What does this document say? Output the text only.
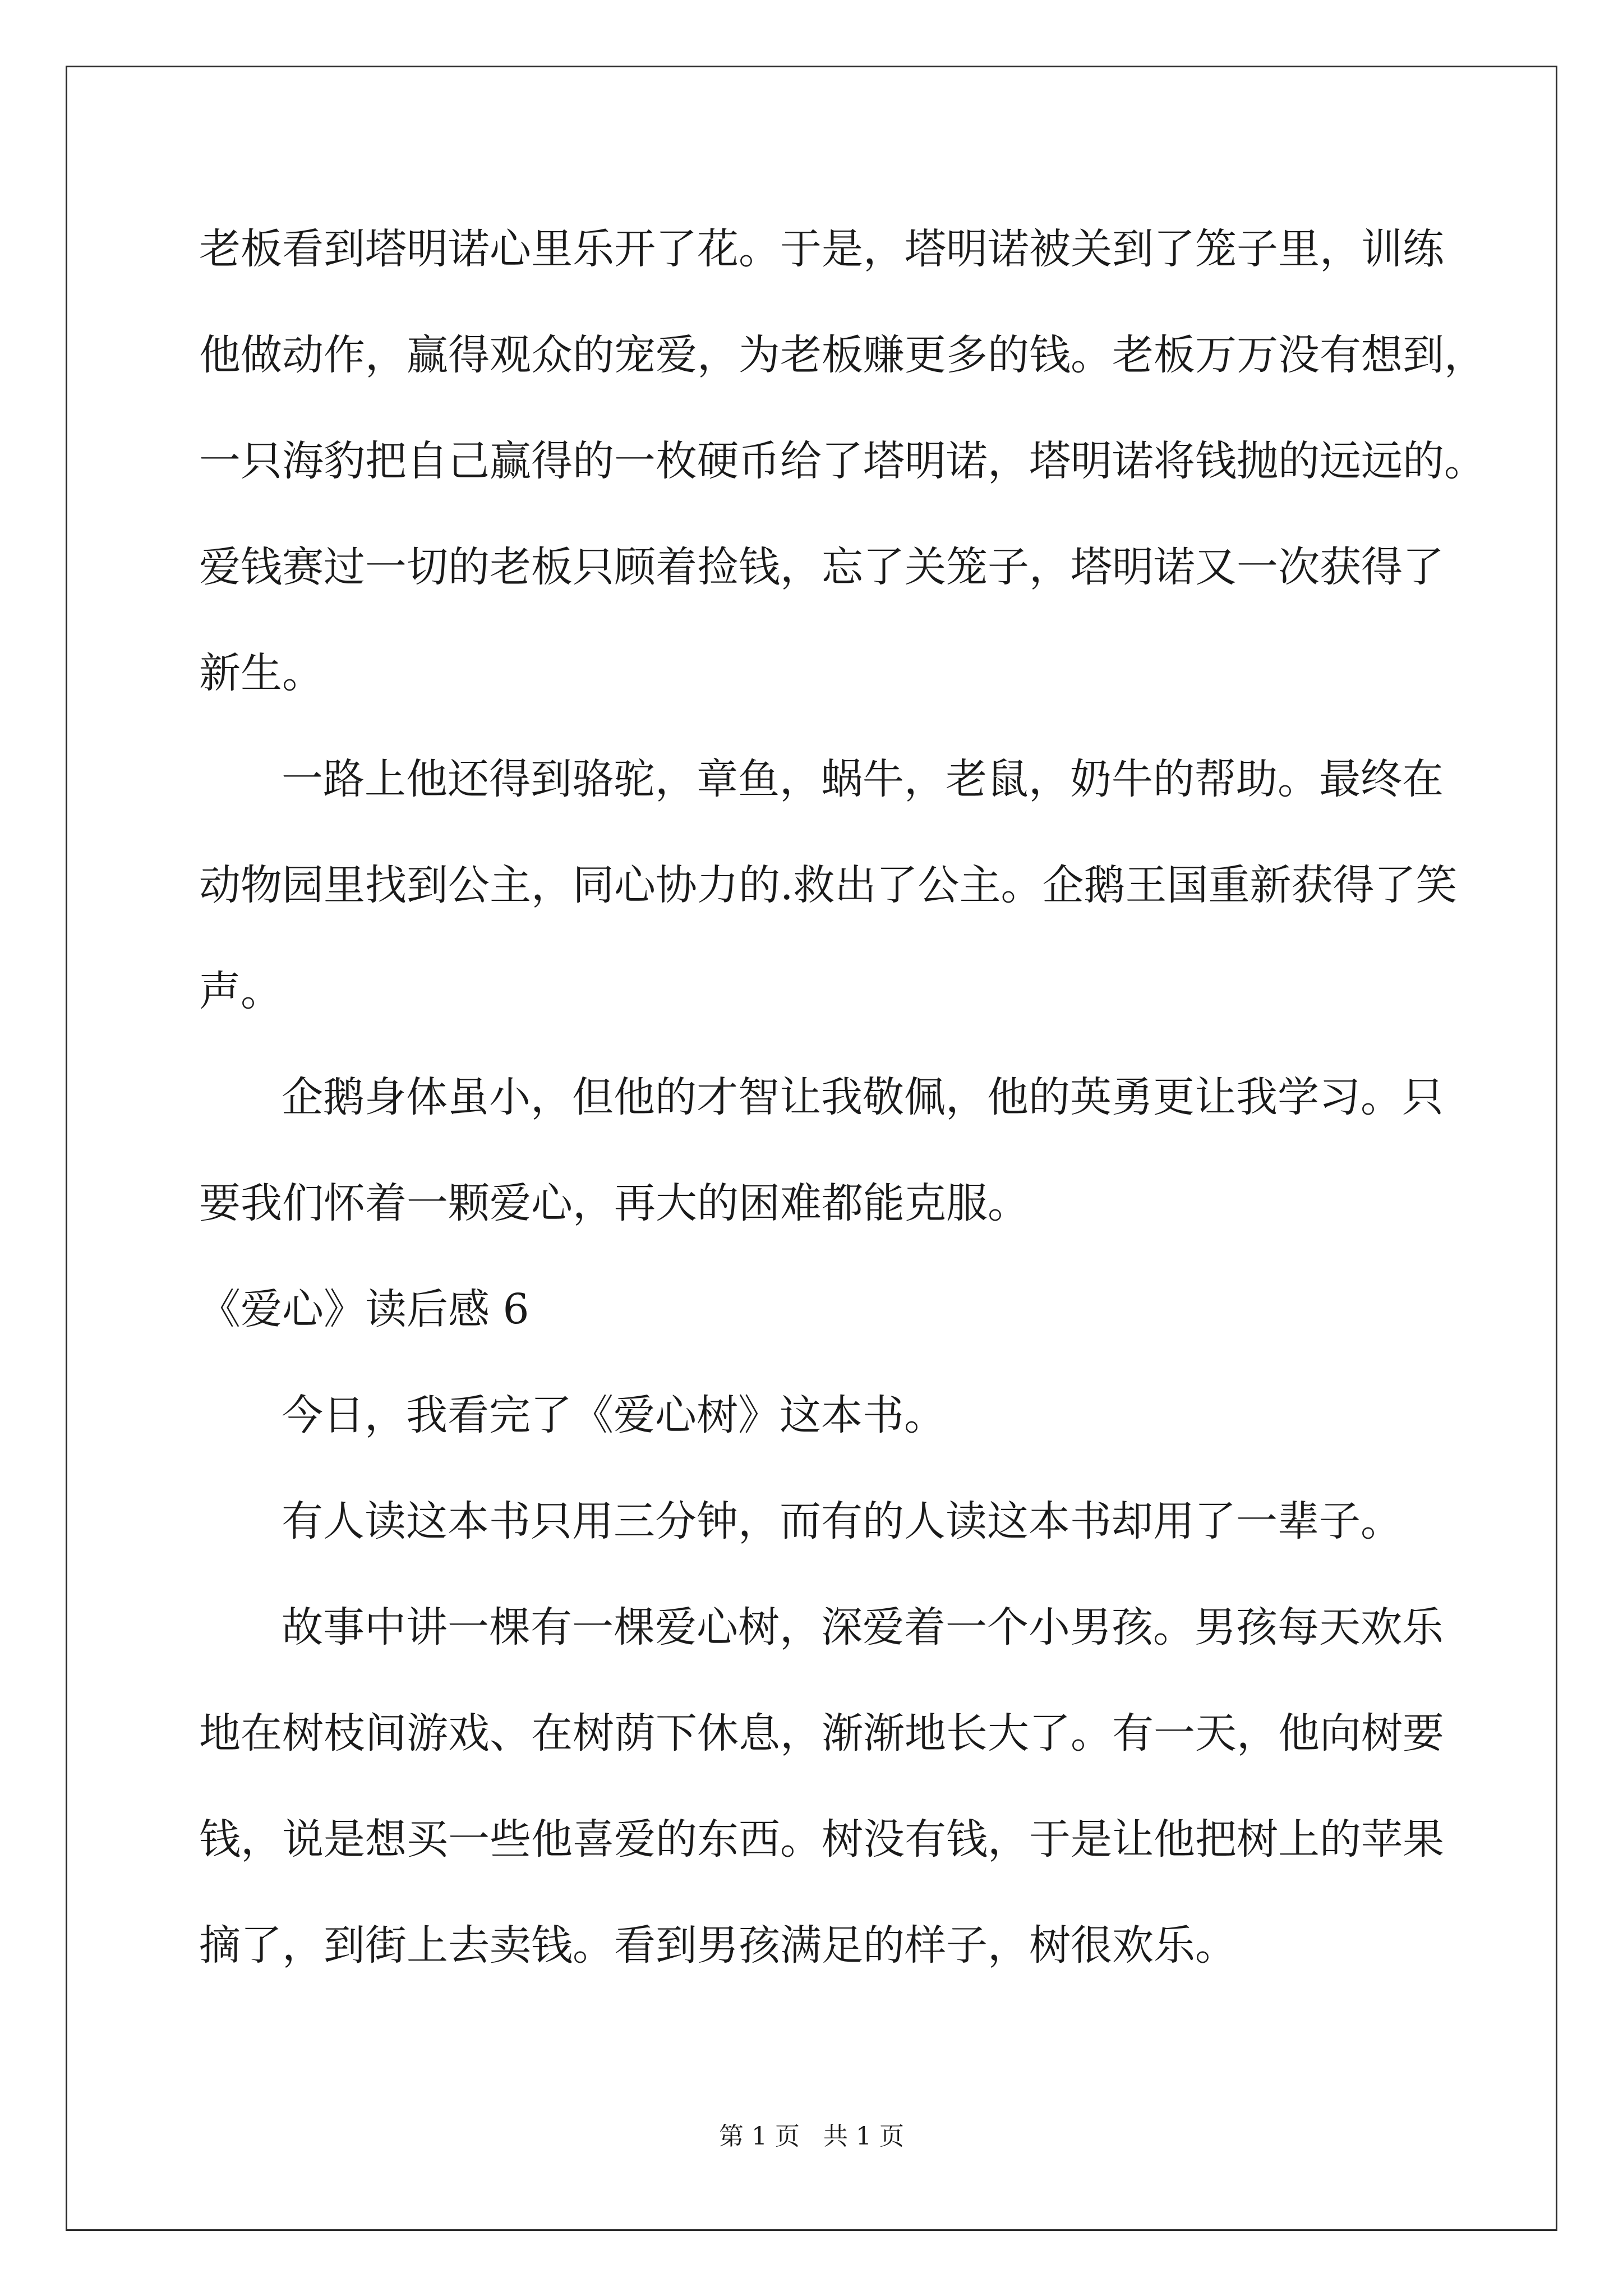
老板看到塔明诺心里乐开了花。于是，塔明诺被关到了笼子里，训练

他做动作，赢得观众的宠爱，为老板赚更多的钱。老板万万没有想到，

一只海豹把自己赢得的一枚硬币给了塔明诺，塔明诺将钱抛的远远的。

爱钱赛过一切的老板只顾着捡钱，忘了关笼子，塔明诺又一次获得了

新生。

一路上他还得到骆驼，章鱼，蜗牛，老鼠，奶牛的帮助。最终在

动物园里找到公主，同心协力的.救出了公主。企鹅王国重新获得了笑

声。

企鹅身体虽小，但他的才智让我敬佩，他的英勇更让我学习。只

要我们怀着一颗爱心，再大的困难都能克服。

《爱心》读后感 6

今日，我看完了《爱心树》这本书。

有人读这本书只用三分钟，而有的人读这本书却用了一辈子。

故事中讲一棵有一棵爱心树，深爱着一个小男孩。男孩每天欢乐

地在树枝间游戏、在树荫下休息，渐渐地长大了。有一天，他向树要

钱，说是想买一些他喜爱的东西。树没有钱，于是让他把树上的苹果

摘了，到街上去卖钱。看到男孩满足的样子，树很欢乐。

第 1 页   共 1 页
